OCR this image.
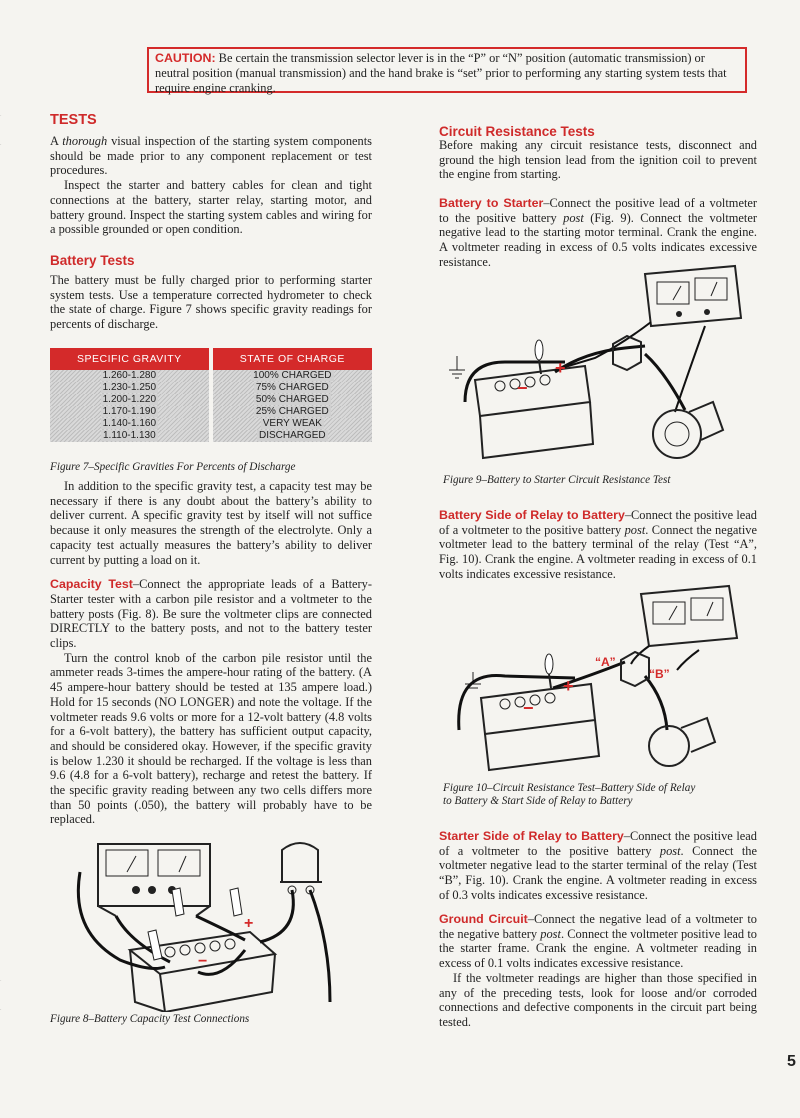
CAUTION: Be certain the transmission selector lever is in the “P” or “N” position (automatic transmission) or neutral position (manual transmission) and the hand brake is “set” prior to performing any starting system tests that require engine cranking.
TESTS

A thorough visual inspection of the starting system components should be made prior to any component replacement or test procedures.

Inspect the starter and battery cables for clean and tight connections at the battery, starter relay, starting motor, and battery ground. Inspect the starting system cables and wiring for a possible grounded or open condition.

Battery Tests
The battery must be fully charged prior to performing starter system tests. Use a temperature corrected hydrometer to check the state of charge. Figure 7 shows specific gravity readings for percents of discharge.
SPECIFIC GRAVITY	STATE OF CHARGE
1.260-1.280	100% CHARGED
1.230-1.250	75% CHARGED
1.200-1.220	50% CHARGED
1.170-1.190	25% CHARGED
1.140-1.160	VERY WEAK
1.110-1.130	DISCHARGED
Figure 7–Specific Gravities For Percents of Discharge

In addition to the specific gravity test, a capacity test may be necessary if there is any doubt about the battery’s ability to deliver current. A specific gravity test by itself will not suffice because it only measures the strength of the electrolyte. Only a capacity test actually measures the battery’s ability to deliver current by putting a load on it.

Capacity Test–Connect the appropriate leads of a Battery-Starter tester with a carbon pile resistor and a voltmeter to the battery posts (Fig. 8). Be sure the voltmeter clips are connected DIRECTLY to the battery posts, and not to the battery tester clips.

Turn the control knob of the carbon pile resistor until the ammeter reads 3-times the ampere-hour rating of the battery. (A 45 ampere-hour battery should be tested at 135 ampere load.) Hold for 15 seconds (NO LONGER) and note the voltage. If the voltmeter reads 9.6 volts or more for a 12-volt battery (4.8 volts for a 6-volt battery), the battery has sufficient output capacity, and should be considered okay. However, if the specific gravity is below 1.230 it should be recharged. If the voltage is less than 9.6 (4.8 for a 6-volt battery), recharge and retest the battery. If the specific gravity reading between any two cells differs more than 50 points (.050), the battery will probably have to be replaced.

+
−
Figure 8–Battery Capacity Test Connections
Circuit Resistance Tests
Before making any circuit resistance tests, disconnect and ground the high tension lead from the ignition coil to prevent the engine from starting.

Battery to Starter–Connect the positive lead of a voltmeter to the positive battery post (Fig. 9). Connect the voltmeter negative lead to the starting motor terminal. Crank the engine. A voltmeter reading in excess of 0.5 volts indicates excessive resistance.

+
−
Figure 9–Battery to Starter Circuit Resistance Test

Battery Side of Relay to Battery–Connect the positive lead of a voltmeter to the positive battery post. Connect the negative voltmeter lead to the battery terminal of the relay (Test “A”, Fig. 10). Crank the engine. A voltmeter reading in excess of 0.1 volts indicates excessive resistance.

“A”
“B”
+
−
Figure 10–Circuit Resistance Test–Battery Side of Relay
to Battery & Start Side of Relay to Battery

Starter Side of Relay to Battery–Connect the positive lead of a voltmeter to the positive battery post. Connect the voltmeter negative lead to the starter terminal of the relay (Test “B”, Fig. 10). Crank the engine. A voltmeter reading in excess of 0.3 volts indicates excessive resistance.

Ground Circuit–Connect the negative lead of a voltmeter to the negative battery post. Connect the voltmeter positive lead to the starter frame. Crank the engine. A voltmeter reading in excess of 0.1 volts indicates excessive resistance.

If the voltmeter readings are higher than those specified in any of the preceding tests, look for loose and/or corroded connections and defective components in the circuit part being tested.

5
